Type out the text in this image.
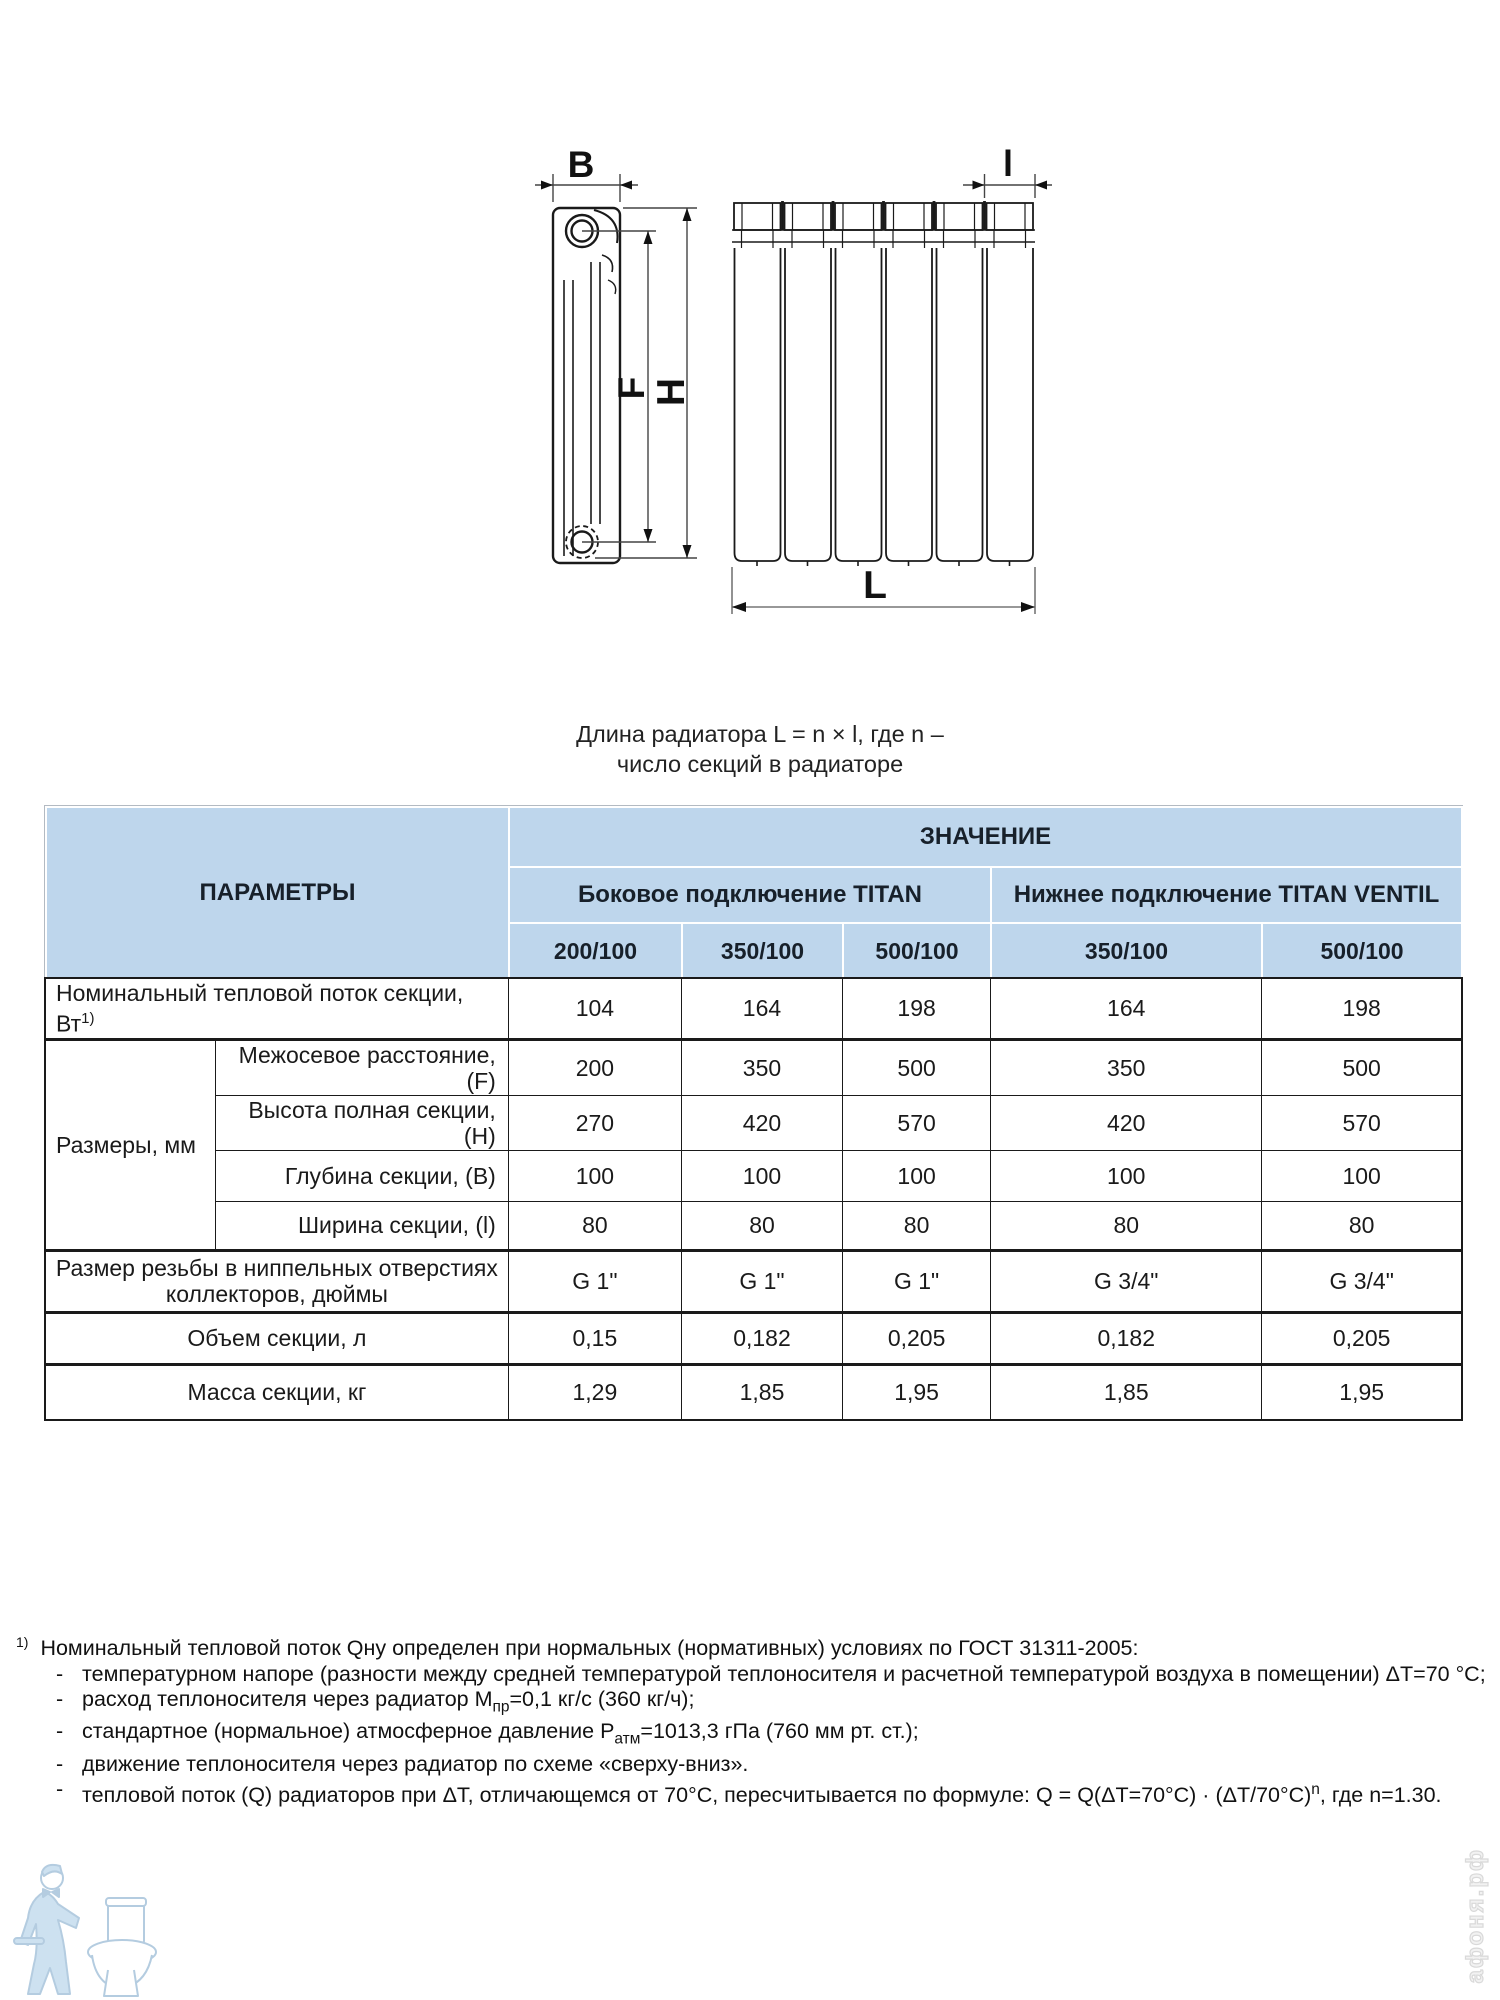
B	l
F
H
L
Длина радиатора L = n × l, где n –
число секций в радиаторе
ПАРАМЕТРЫ	ЗНАЧЕНИЕ				
	Боковое подключение TITAN			Нижнее подключение TITAN VENTIL	
	200/100	350/100	500/100	350/100	500/100
Номинальный тепловой поток секции, $Вт^{1)}$		104	164	198	164	198
Размеры, мм	Межосевое расстояние, (F)	200	350	500	350	500
	Высота полная секции, (H)	270	420	570	420	570
	Глубина секции, (B)	100	100	100	100	100
	Ширина секции, (l)	80	80	80	80	80
Размер резьбы в ниппельных отверстиях коллекторов, дюймы		G 1"	G 1"	G 1"	G 3/4"	G 3/4"
Объем секции, л		0,15	0,182	0,205	0,182	0,205
Масса секции, кг		1,29	1,85	1,95	1,85	1,95
$^{1)}$ Номинальный тепловой поток Qну определен при нормальных (нормативных) условиях по ГОСТ 31311-2005:
- температурном напоре (разности между средней температурой теплоносителя и расчетной температурой воздуха в помещении) ΔT=70 °C;
- расход теплоносителя через радиатор $М_{пр}=0,1$ кг/с (360 кг/ч);
- стандартное (нормальное) атмосферное давление $Р_{атм}=1013,3$ гПа (760 мм рт. ст.);
- движение теплоносителя через радиатор по схеме «сверху-вниз».
- тепловой поток (Q) радиаторов при ΔT, отличающемся от 70°C, пересчитывается по формуле: $Q = Q(\Delta T=70^\circ C) \cdot (\Delta T/70^\circ C)^n$, где n=1.30.
афоня.рф
